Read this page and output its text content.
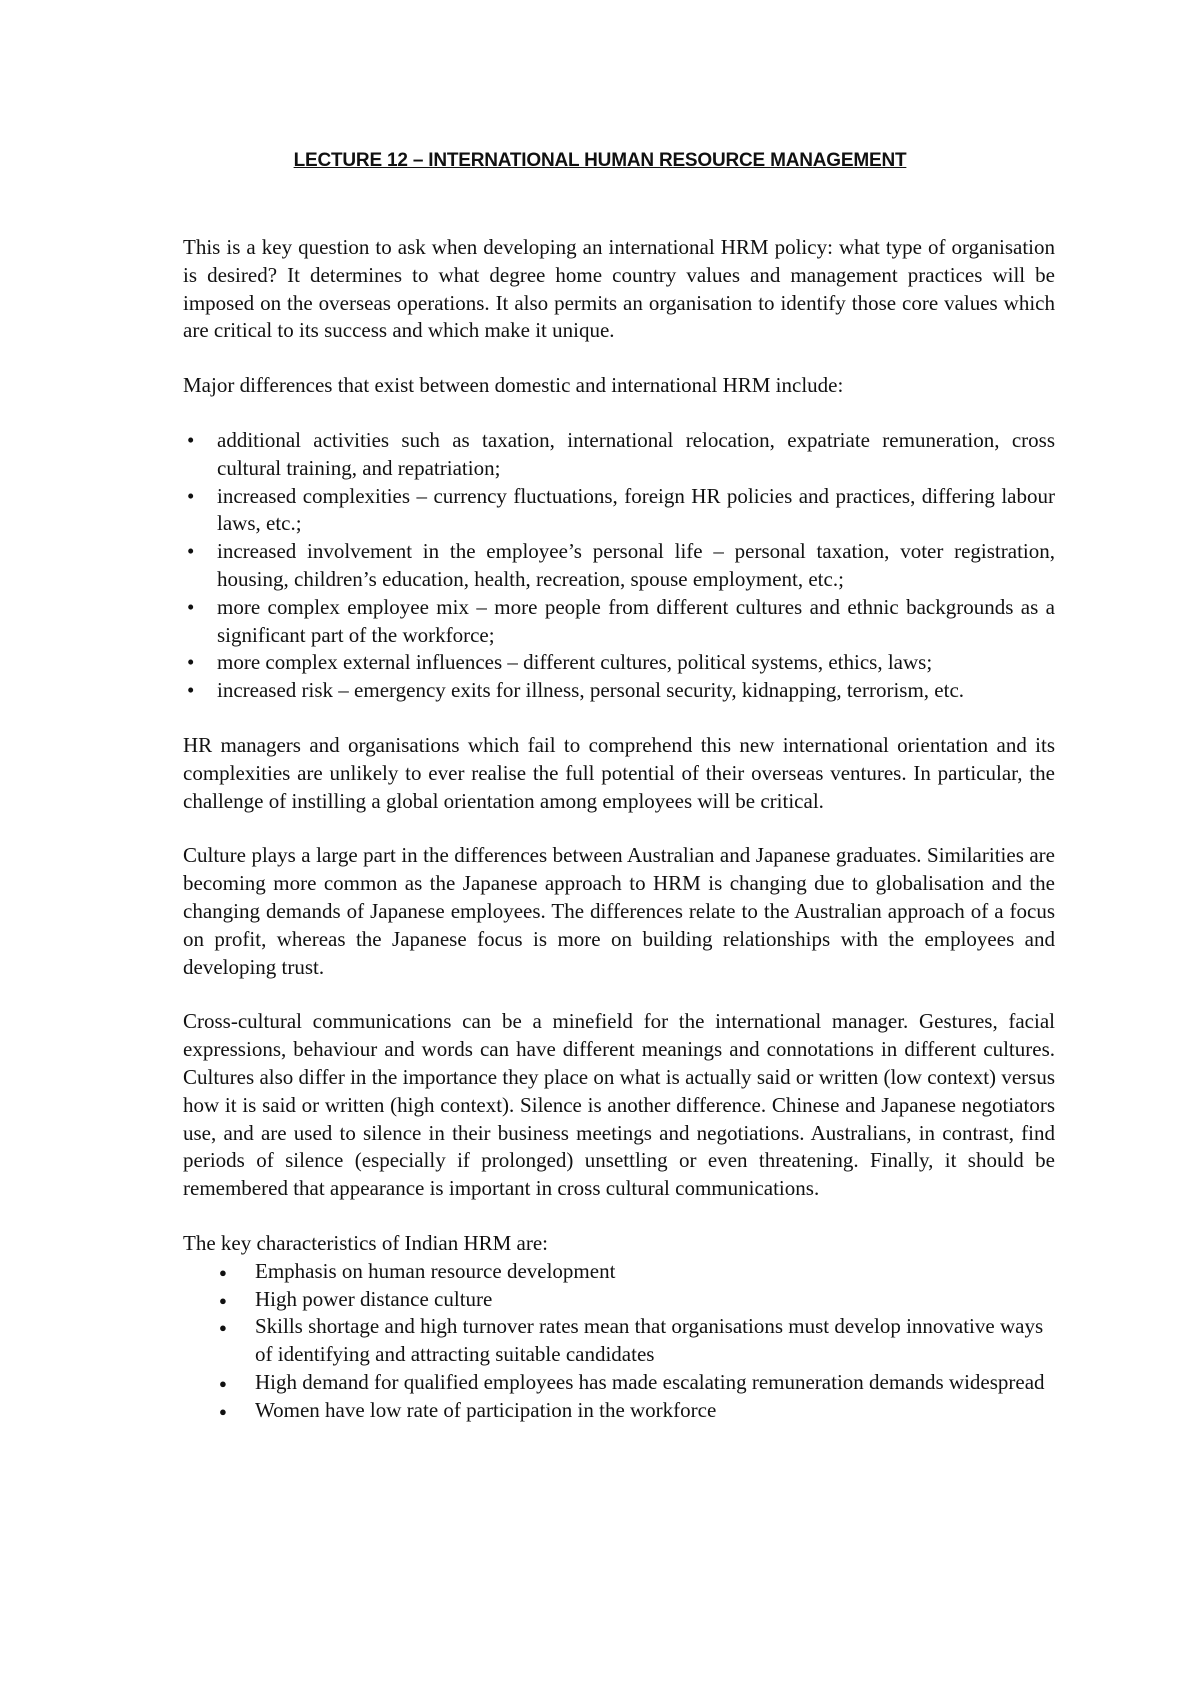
LECTURE 12 – INTERNATIONAL HUMAN RESOURCE MANAGEMENT

This is a key question to ask when developing an international HRM policy: what type of organisation is desired? It determines to what degree home country values and management practices will be imposed on the overseas operations. It also permits an organisation to identify those core values which are critical to its success and which make it unique.

Major differences that exist between domestic and international HRM include:

• additional activities such as taxation, international relocation, expatriate remuneration, cross cultural training, and repatriation;
• increased complexities – currency fluctuations, foreign HR policies and practices, differing labour laws, etc.;
• increased involvement in the employee’s personal life – personal taxation, voter registration, housing, children’s education, health, recreation, spouse employment, etc.;
• more complex employee mix – more people from different cultures and ethnic backgrounds as a significant part of the workforce;
• more complex external influences – different cultures, political systems, ethics, laws;
• increased risk – emergency exits for illness, personal security, kidnapping, terrorism, etc.

HR managers and organisations which fail to comprehend this new international orientation and its complexities are unlikely to ever realise the full potential of their overseas ventures. In particular, the challenge of instilling a global orientation among employees will be critical.

Culture plays a large part in the differences between Australian and Japanese graduates. Similarities are becoming more common as the Japanese approach to HRM is changing due to globalisation and the changing demands of Japanese employees. The differences relate to the Australian approach of a focus on profit, whereas the Japanese focus is more on building relationships with the employees and developing trust.

Cross-cultural communications can be a minefield for the international manager. Gestures, facial expressions, behaviour and words can have different meanings and connotations in different cultures. Cultures also differ in the importance they place on what is actually said or written (low context) versus how it is said or written (high context). Silence is another difference. Chinese and Japanese negotiators use, and are used to silence in their business meetings and negotiations. Australians, in contrast, find periods of silence (especially if prolonged) unsettling or even threatening. Finally, it should be remembered that appearance is important in cross cultural communications.

The key characteristics of Indian HRM are:

● Emphasis on human resource development
● High power distance culture
● Skills shortage and high turnover rates mean that organisations must develop innovative ways of identifying and attracting suitable candidates
● High demand for qualified employees has made escalating remuneration demands widespread
● Women have low rate of participation in the workforce
